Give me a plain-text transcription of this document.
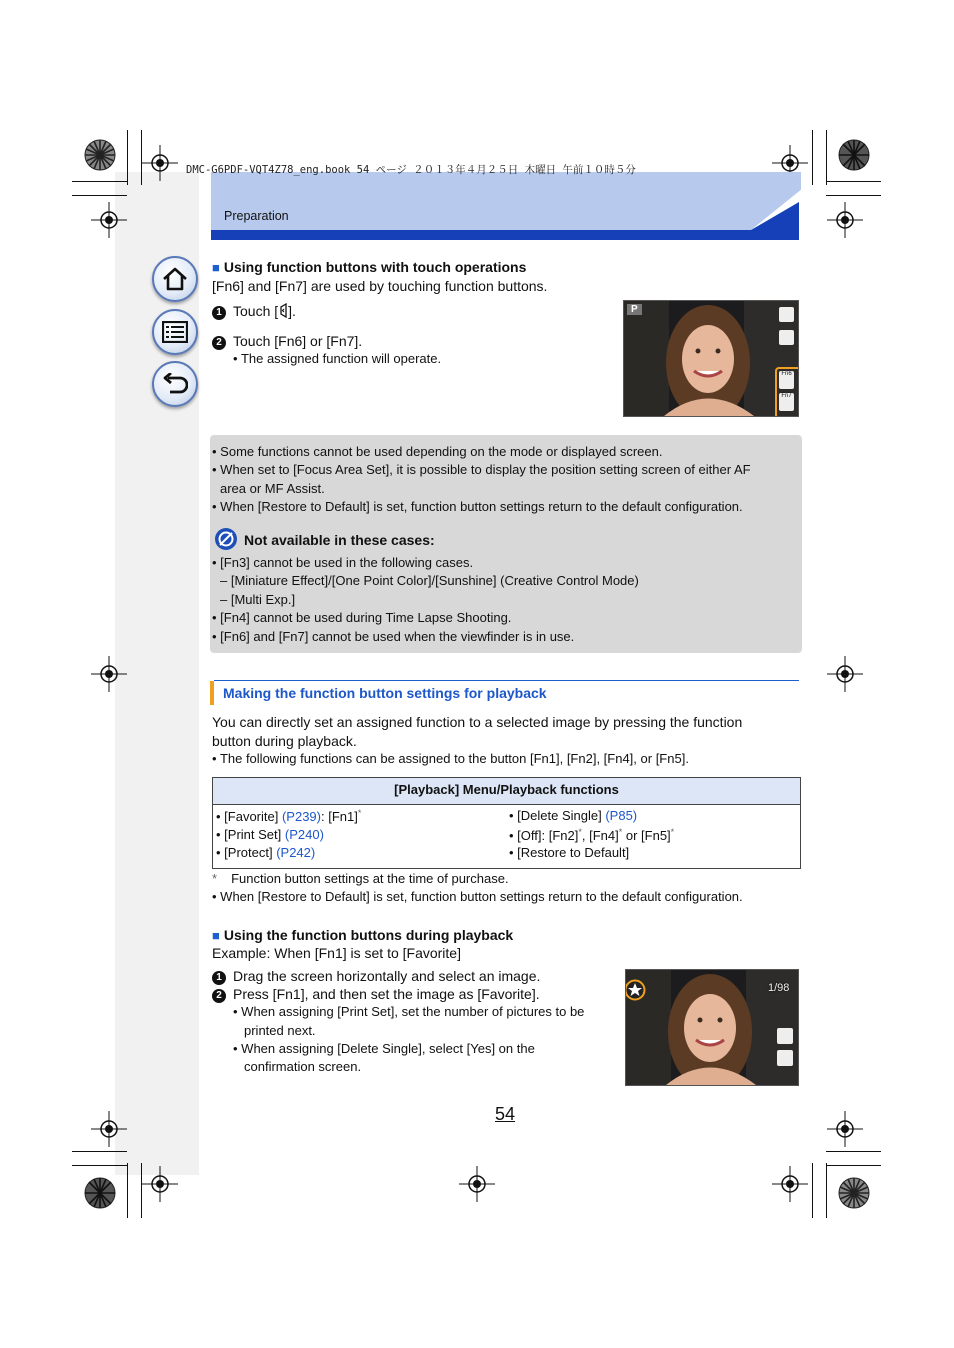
DMC-G6PDF-VQT4Z78_eng.book 54 ページ ２０１３年４月２５日 木曜日 午前１０時５分
Preparation
■ Using function buttons with touch operations
[Fn6] and [Fn7] are used by touching function buttons.
1 Touch [ ].
2 Touch [Fn6] or [Fn7].
• The assigned function will operate.
P
Fn6
Fn7
• Some functions cannot be used depending on the mode or displayed screen.
• When set to [Focus Area Set], it is possible to display the position setting screen of either AF
area or MF Assist.
• When [Restore to Default] is set, function button settings return to the default configuration.
Not available in these cases:
• [Fn3] cannot be used in the following cases.
– [Miniature Effect]/[One Point Color]/[Sunshine] (Creative Control Mode)
– [Multi Exp.]
• [Fn4] cannot be used during Time Lapse Shooting.
• [Fn6] and [Fn7] cannot be used when the viewfinder is in use.
Making the function button settings for playback
You can directly set an assigned function to a selected image by pressing the function
button during playback.
• The following functions can be assigned to the button [Fn1], [Fn2], [Fn4], or [Fn5].
[Playback] Menu/Playback functions
• [Favorite] (P239): [Fn1]*
• [Print Set] (P240)
• [Protect] (P242)
• [Delete Single] (P85)
• [Off]: [Fn2]*, [Fn4]* or [Fn5]*
• [Restore to Default]
* Function button settings at the time of purchase.
• When [Restore to Default] is set, function button settings return to the default configuration.
■ Using the function buttons during playback
Example: When [Fn1] is set to [Favorite]
1 Drag the screen horizontally and select an image.
2 Press [Fn1], and then set the image as [Favorite].
• When assigning [Print Set], set the number of pictures to be
printed next.
• When assigning [Delete Single], select [Yes] on the
confirmation screen.
1/98
54
